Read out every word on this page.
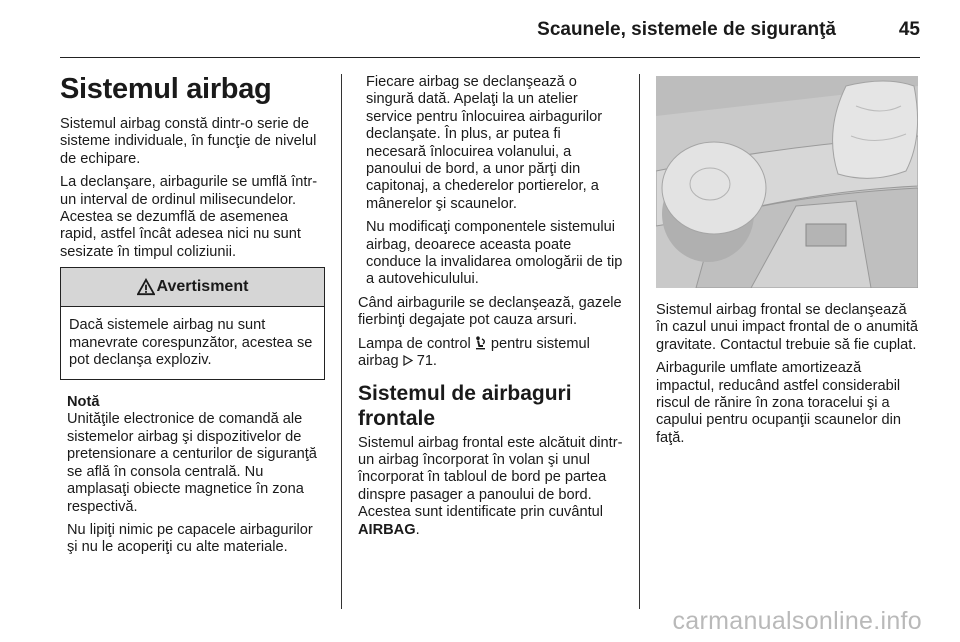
Scaunele, sistemele de siguranţă	45
Sistemul airbag

Sistemul airbag constă dintr-o serie de sisteme individuale, în funcţie de nivelul de echipare.

La declanşare, airbagurile se umflă într-un interval de ordinul milisecundelor. Acestea se dezumflă de asemenea rapid, astfel încât adesea nici nu sunt sesizate în timpul coliziunii.

Avertisment

Dacă sistemele airbag nu sunt manevrate corespunzător, acestea se pot declanşa exploziv.

Notă

Unităţile electronice de comandă ale sistemelor airbag şi dispozitivelor de pretensionare a centurilor de siguranţă se află în consola centrală. Nu amplasaţi obiecte magnetice în zona respectivă.

Nu lipiţi nimic pe capacele airbagurilor şi nu le acoperiţi cu alte materiale.

Fiecare airbag se declanşează o singură dată. Apelaţi la un atelier service pentru înlocuirea airbagurilor declanşate. În plus, ar putea fi necesară înlocuirea volanului, a panoului de bord, a unor părţi din capitonaj, a chederelor portierelor, a mânerelor şi scaunelor.

Nu modificaţi componentele sistemului airbag, deoarece aceasta poate conduce la invalidarea omologării de tip a autovehiculului.

Când airbagurile se declanşează, gazele fierbinţi degajate pot cauza arsuri.

Lampa de control pentru sistemul airbag 71.

Sistemul de airbaguri frontale

Sistemul airbag frontal este alcătuit dintr-un airbag încorporat în volan şi unul încorporat în tabloul de bord pe partea dinspre pasager a panoului de bord. Acestea sunt identificate prin cuvântul AIRBAG.

Sistemul airbag frontal se declanşează în cazul unui impact frontal de o anumită gravitate. Contactul trebuie să fie cuplat.

Airbagurile umflate amortizează impactul, reducând astfel considerabil riscul de rănire în zona toracelui şi a capului pentru ocupanţii scaunelor din faţă.

carmanualsonline.info
